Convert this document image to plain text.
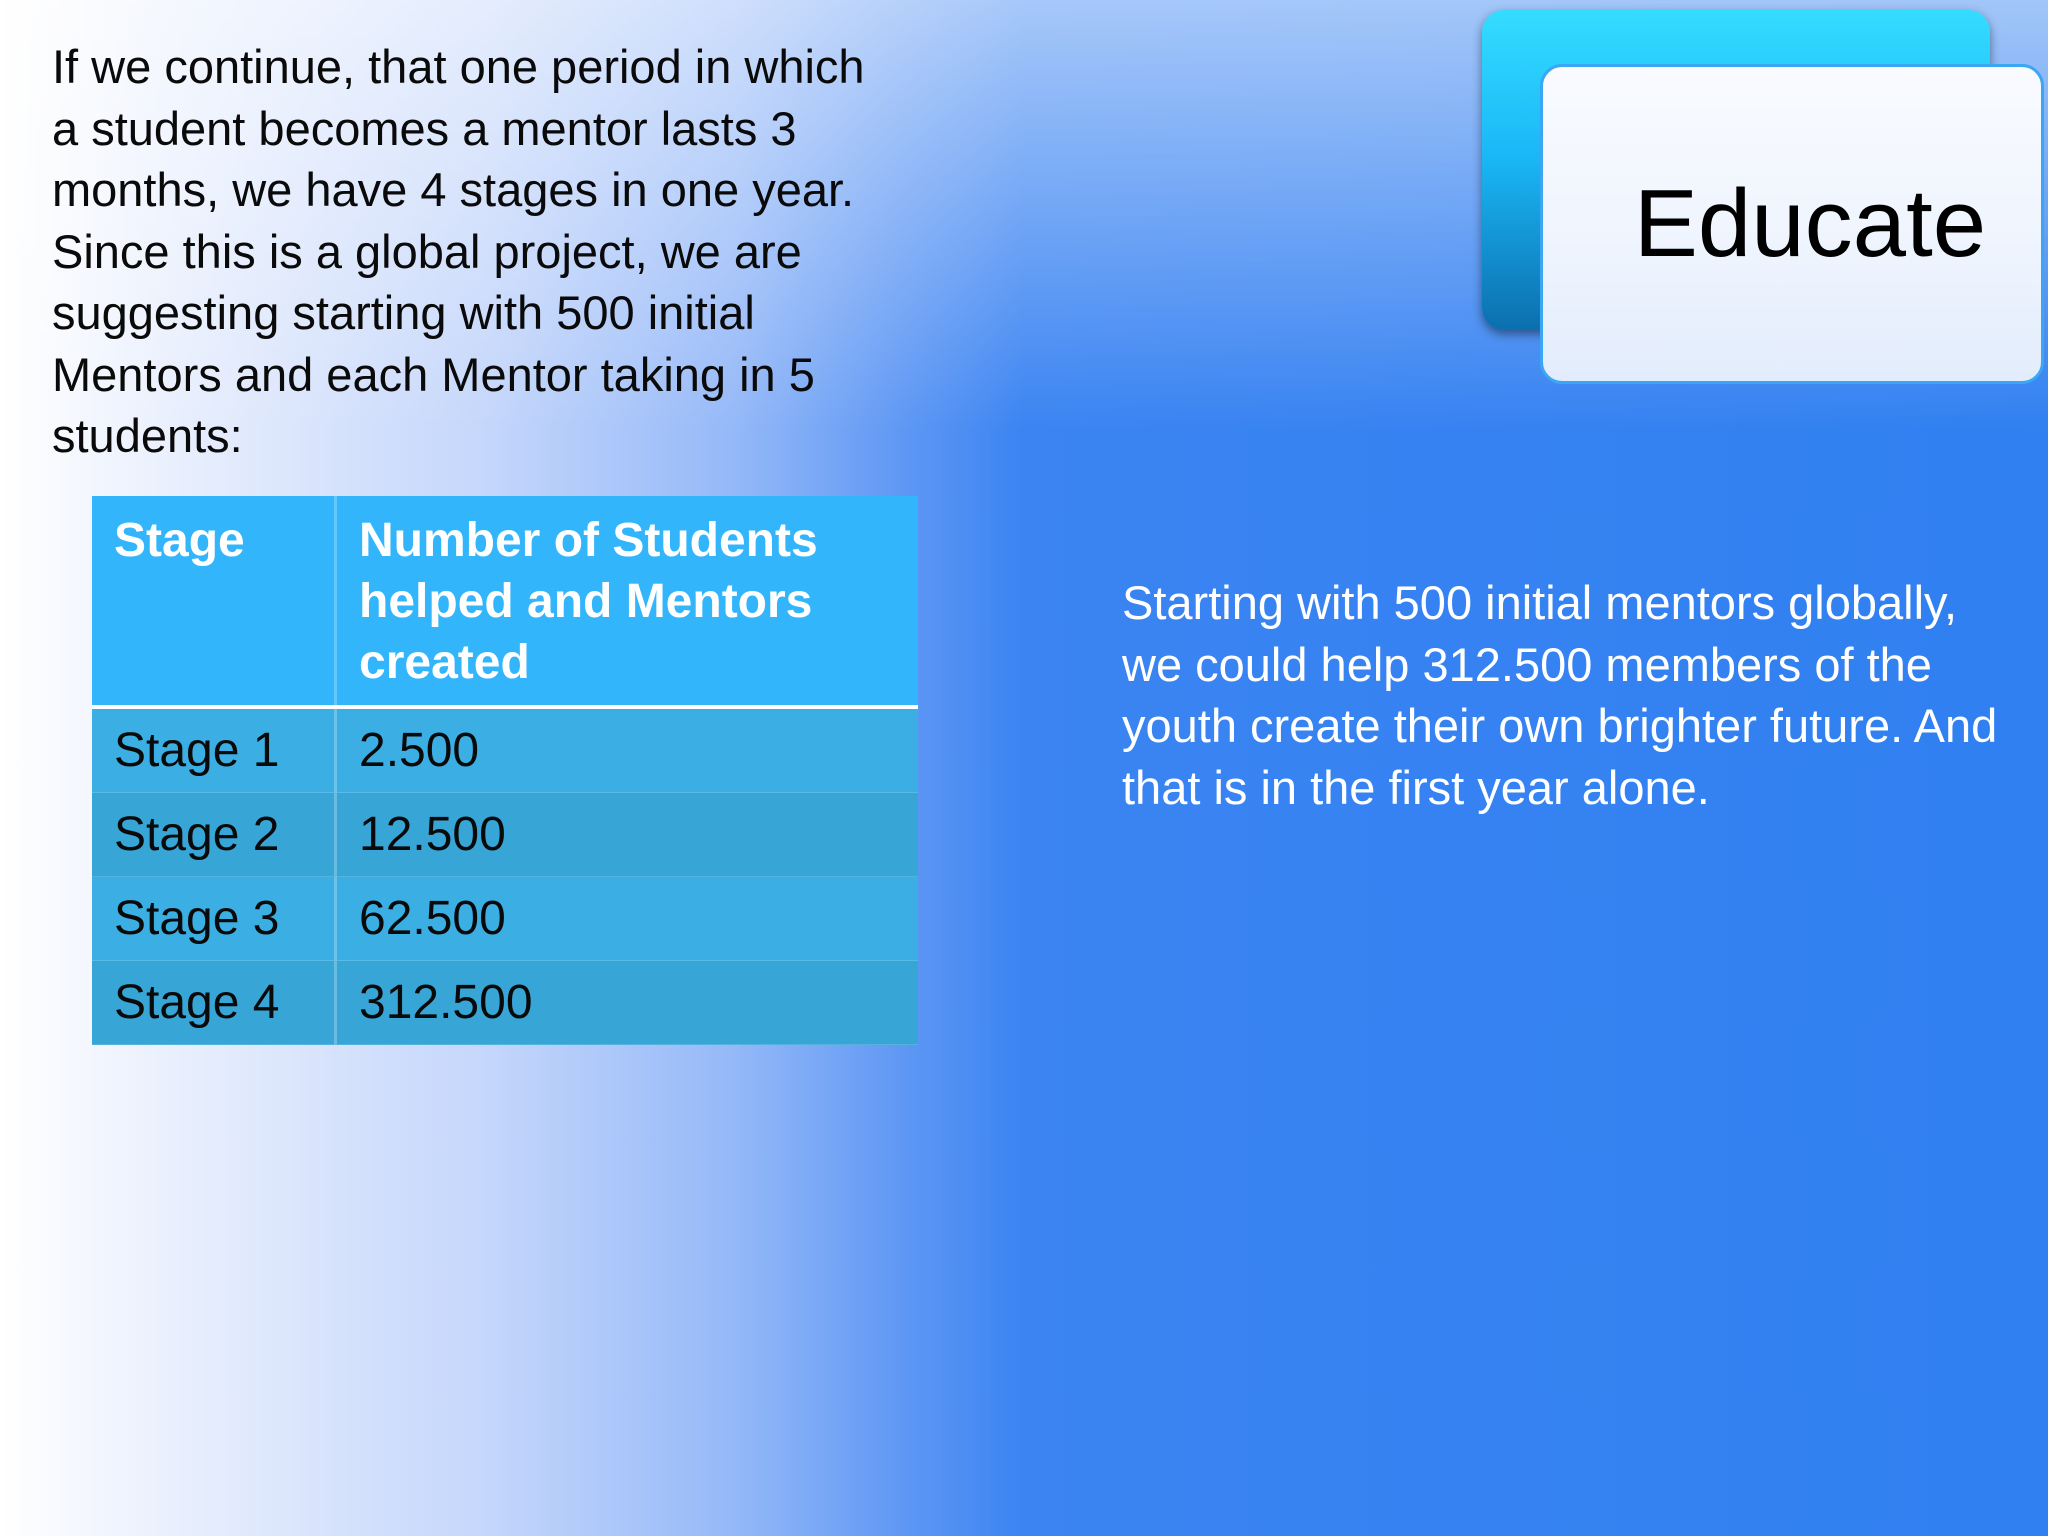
If we continue, that one period in which a student becomes a mentor lasts 3 months, we have 4 stages in one year. Since this is a global project, we are suggesting starting with 500 initial Mentors and each Mentor taking in 5 students:

Stage	Number of Students helped and Mentors created
Stage 1	2.500
Stage 2	12.500
Stage 3	62.500
Stage 4	312.500

Starting with 500 initial mentors globally, we could help 312.500 members of the youth create their own brighter future. And that is in the first year alone.

Educate
